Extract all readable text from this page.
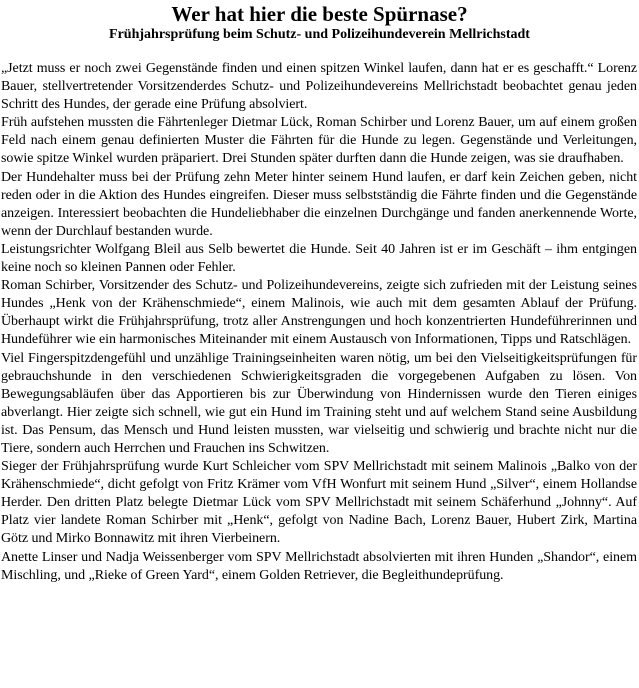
Wer hat hier die beste Spürnase?
Frühjahrsprüfung beim Schutz- und Polizeihundeverein Mellrichstadt

„Jetzt muss er noch zwei Gegenstände finden und einen spitzen Winkel laufen, dann hat er es geschafft.“ Lorenz Bauer, stellvertretender Vorsitzenderdes Schutz- und Polizeihundevereins Mellrichstadt beobachtet genau jeden Schritt des Hundes, der gerade eine Prüfung absolviert.

Früh aufstehen mussten die Fährtenleger Dietmar Lück, Roman Schirber und Lorenz Bauer, um auf einem großen Feld nach einem genau definierten Muster die Fährten für die Hunde zu legen. Gegenstände und Verleitungen, sowie spitze Winkel wurden präpariert. Drei Stunden später durften dann die Hunde zeigen, was sie draufhaben.

Der Hundehalter muss bei der Prüfung zehn Meter hinter seinem Hund laufen, er darf kein Zeichen geben, nicht reden oder in die Aktion des Hundes eingreifen. Dieser muss selbstständig die Fährte finden und die Gegenstände anzeigen. Interessiert beobachten die Hundeliebhaber die einzelnen Durchgänge und fanden anerkennende Worte, wenn der Durchlauf bestanden wurde.

Leistungsrichter Wolfgang Bleil aus Selb bewertet die Hunde. Seit 40 Jahren ist er im Geschäft – ihm entgingen keine noch so kleinen Pannen oder Fehler.

Roman Schirber, Vorsitzender des Schutz- und Polizeihundevereins, zeigte sich zufrieden mit der Leistung seines Hundes „Henk von der Krähenschmiede“, einem Malinois, wie auch mit dem gesamten Ablauf der Prüfung. Überhaupt wirkt die Frühjahrsprüfung, trotz aller Anstrengungen und hoch konzentrierten Hundeführerinnen und Hundeführer wie ein harmonisches Miteinander mit einem Austausch von Informationen, Tipps und Ratschlägen.

Viel Fingerspitzdengefühl und unzählige Trainingseinheiten waren nötig, um bei den Vielseitigkeitsprüfungen für gebrauchshunde in den verschiedenen Schwierigkeitsgraden die vorgegebenen Aufgaben zu lösen. Von Bewegungsabläufen über das Apportieren bis zur Überwindung von Hindernissen wurde den Tieren einiges abverlangt. Hier zeigte sich schnell, wie gut ein Hund im Training steht und auf welchem Stand seine Ausbildung ist. Das Pensum, das Mensch und Hund leisten mussten, war vielseitig und schwierig und brachte nicht nur die Tiere, sondern auch Herrchen und Frauchen ins Schwitzen.

Sieger der Frühjahrsprüfung wurde Kurt Schleicher vom SPV Mellrichstadt mit seinem Malinois „Balko von der Krähenschmiede“, dicht gefolgt von Fritz Krämer vom VfH Wonfurt mit seinem Hund „Silver“, einem Hollandse Herder. Den dritten Platz belegte Dietmar Lück vom SPV Mellrichstadt mit seinem Schäferhund „Johnny“. Auf Platz vier landete Roman Schirber mit „Henk“, gefolgt von Nadine Bach, Lorenz Bauer, Hubert Zirk, Martina Götz und Mirko Bonnawitz mit ihren Vierbeinern.

Anette Linser und Nadja Weissenberger vom SPV Mellrichstadt absolvierten mit ihren Hunden „Shandor“, einem Mischling, und „Rieke of Green Yard“, einem Golden Retriever, die Begleithundeprüfung.
